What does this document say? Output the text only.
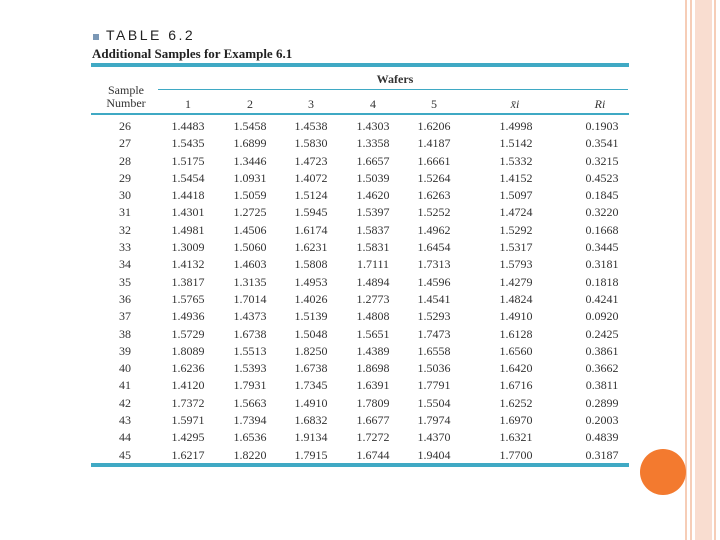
TABLE 6.2
Additional Samples for Example 6.1
Wafers
Sample Number	1	2	3	4	5	x̄i	Ri
26	1.4483	1.5458	1.4538	1.4303	1.6206	1.4998	0.1903
27	1.5435	1.6899	1.5830	1.3358	1.4187	1.5142	0.3541
28	1.5175	1.3446	1.4723	1.6657	1.6661	1.5332	0.3215
29	1.5454	1.0931	1.4072	1.5039	1.5264	1.4152	0.4523
30	1.4418	1.5059	1.5124	1.4620	1.6263	1.5097	0.1845
31	1.4301	1.2725	1.5945	1.5397	1.5252	1.4724	0.3220
32	1.4981	1.4506	1.6174	1.5837	1.4962	1.5292	0.1668
33	1.3009	1.5060	1.6231	1.5831	1.6454	1.5317	0.3445
34	1.4132	1.4603	1.5808	1.7111	1.7313	1.5793	0.3181
35	1.3817	1.3135	1.4953	1.4894	1.4596	1.4279	0.1818
36	1.5765	1.7014	1.4026	1.2773	1.4541	1.4824	0.4241
37	1.4936	1.4373	1.5139	1.4808	1.5293	1.4910	0.0920
38	1.5729	1.6738	1.5048	1.5651	1.7473	1.6128	0.2425
39	1.8089	1.5513	1.8250	1.4389	1.6558	1.6560	0.3861
40	1.6236	1.5393	1.6738	1.8698	1.5036	1.6420	0.3662
41	1.4120	1.7931	1.7345	1.6391	1.7791	1.6716	0.3811
42	1.7372	1.5663	1.4910	1.7809	1.5504	1.6252	0.2899
43	1.5971	1.7394	1.6832	1.6677	1.7974	1.6970	0.2003
44	1.4295	1.6536	1.9134	1.7272	1.4370	1.6321	0.4839
45	1.6217	1.8220	1.7915	1.6744	1.9404	1.7700	0.3187
